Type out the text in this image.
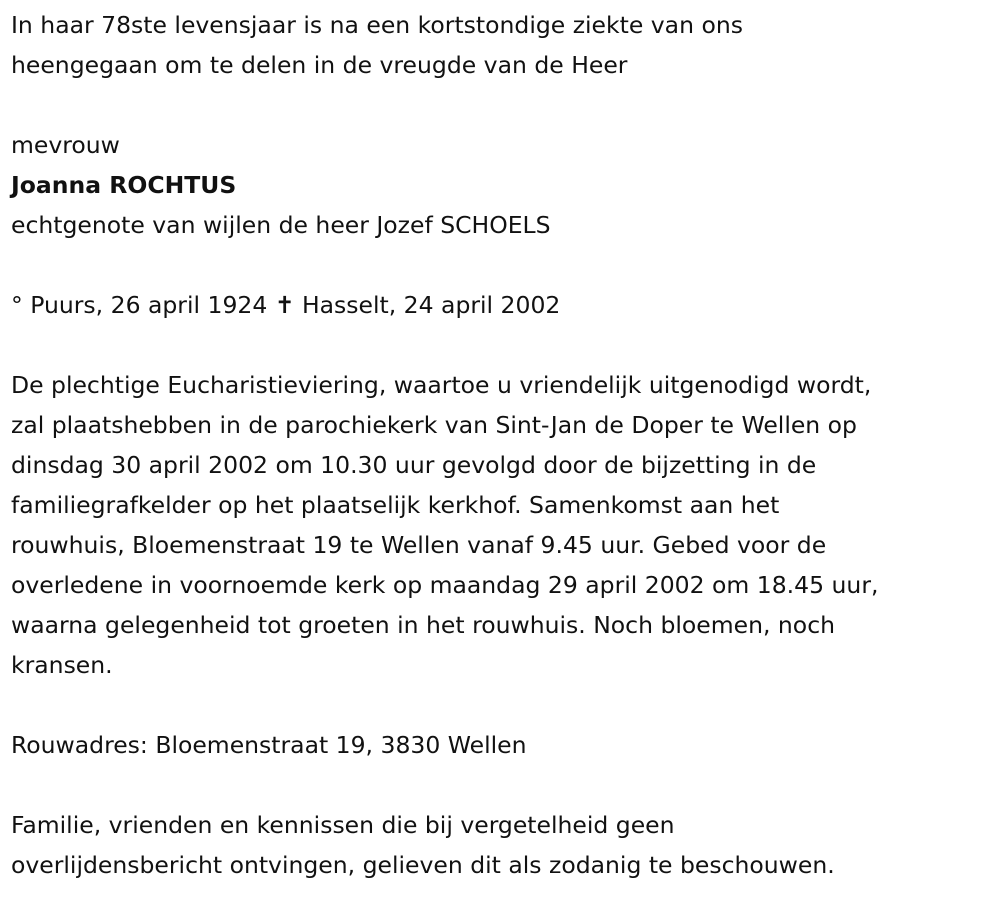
In haar 78ste levensjaar is na een kortstondige ziekte van ons
heengegaan om te delen in de vreugde van de Heer
mevrouw
Joanna ROCHTUS
echtgenote van wijlen de heer Jozef SCHOELS
° Puurs, 26 april 1924 ✝ Hasselt, 24 april 2002
De plechtige Eucharistieviering, waartoe u vriendelijk uitgenodigd wordt,
zal plaatshebben in de parochiekerk van Sint-Jan de Doper te Wellen op
dinsdag 30 april 2002 om 10.30 uur gevolgd door de bijzetting in de
familiegrafkelder op het plaatselijk kerkhof. Samenkomst aan het
rouwhuis, Bloemenstraat 19 te Wellen vanaf 9.45 uur. Gebed voor de
overledene in voornoemde kerk op maandag 29 april 2002 om 18.45 uur,
waarna gelegenheid tot groeten in het rouwhuis. Noch bloemen, noch
kransen.
Rouwadres: Bloemenstraat 19, 3830 Wellen
Familie, vrienden en kennissen die bij vergetelheid geen
overlijdensbericht ontvingen, gelieven dit als zodanig te beschouwen.
